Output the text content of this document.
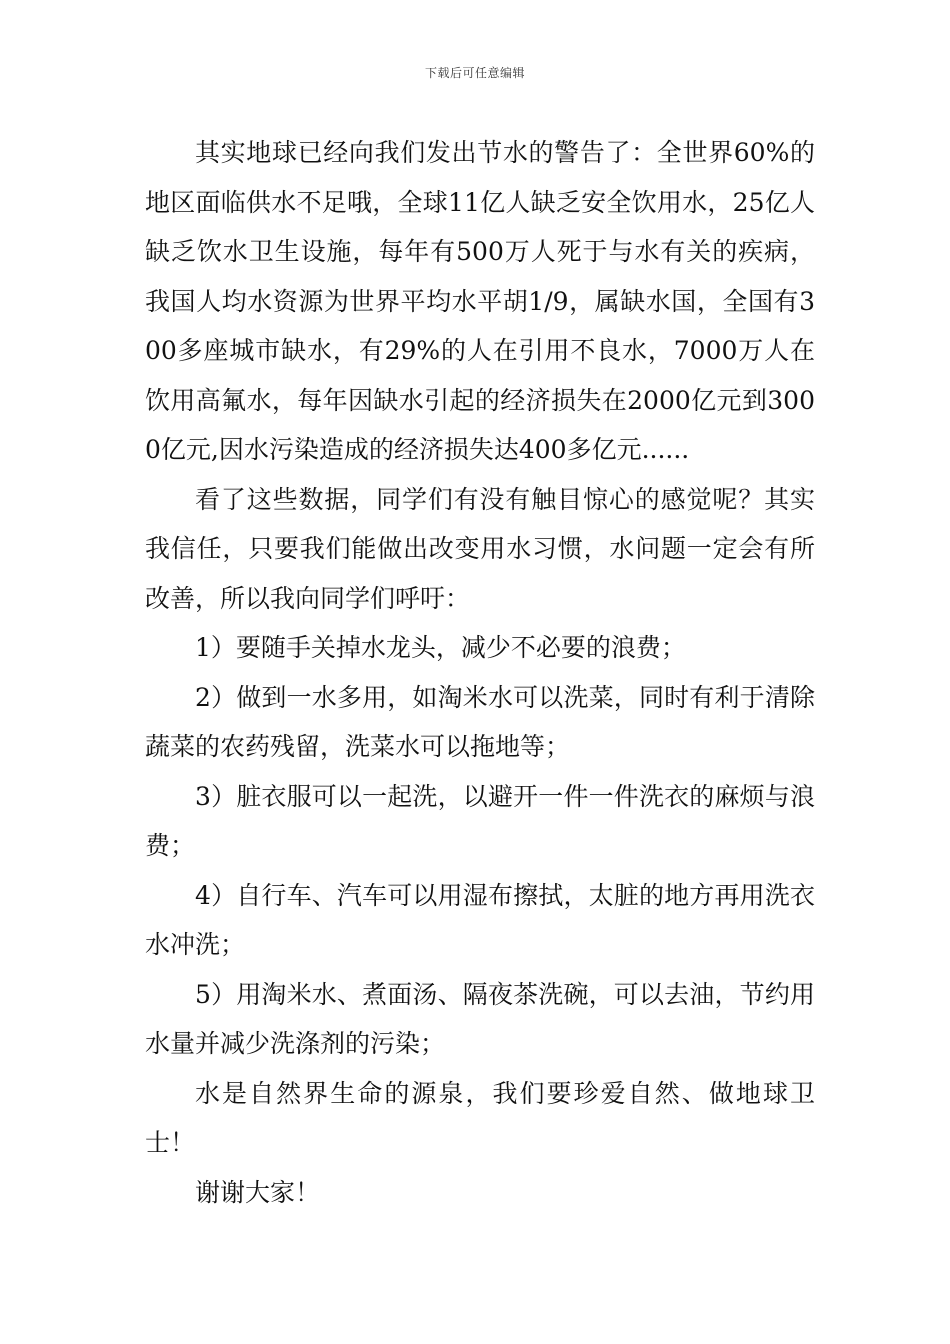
下载后可任意编辑

其实地球已经向我们发出节水的警告了：全世界60%的地区面临供水不足哦，全球11亿人缺乏安全饮用水，25亿人缺乏饮水卫生设施，每年有500万人死于与水有关的疾病，我国人均水资源为世界平均水平胡1/9，属缺水国，全国有300多座城市缺水，有29%的人在引用不良水，7000万人在饮用高氟水，每年因缺水引起的经济损失在2000亿元到3000亿元,因水污染造成的经济损失达400多亿元......

看了这些数据，同学们有没有触目惊心的感觉呢？其实我信任，只要我们能做出改变用水习惯，水问题一定会有所改善，所以我向同学们呼吁：

1）要随手关掉水龙头，减少不必要的浪费；

2）做到一水多用，如淘米水可以洗菜，同时有利于清除蔬菜的农药残留，洗菜水可以拖地等；

3）脏衣服可以一起洗，以避开一件一件洗衣的麻烦与浪费；

4）自行车、汽车可以用湿布擦拭，太脏的地方再用洗衣水冲洗；

5）用淘米水、煮面汤、隔夜茶洗碗，可以去油，节约用水量并减少洗涤剂的污染；

水是自然界生命的源泉，我们要珍爱自然、做地球卫士！

谢谢大家！
